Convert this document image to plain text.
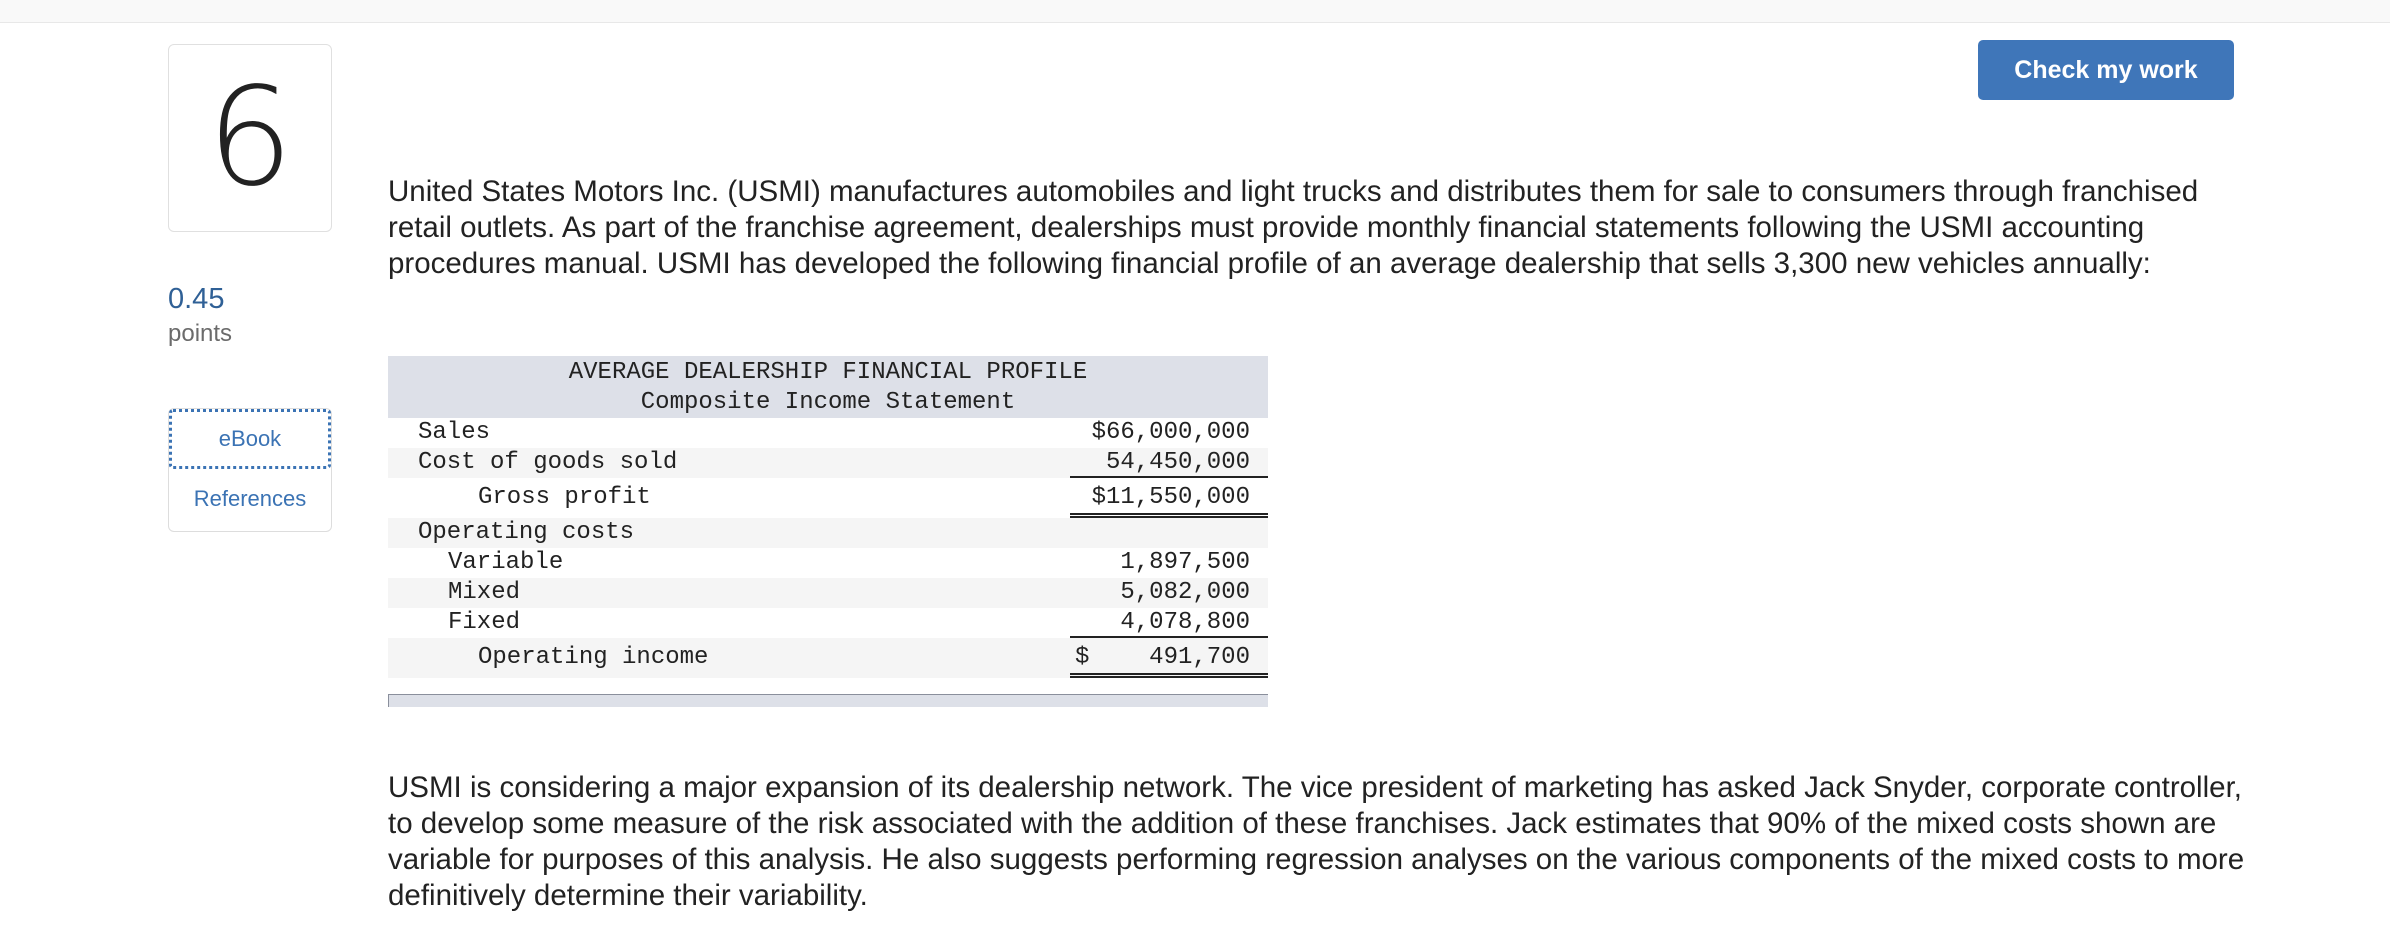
6
0.45
points
eBook
References
Check my work

United States Motors Inc. (USMI) manufactures automobiles and light trucks and distributes them for sale to consumers through franchised retail outlets. As part of the franchise agreement, dealerships must provide monthly financial statements following the USMI accounting procedures manual. USMI has developed the following financial profile of an average dealership that sells 3,300 new vehicles annually:

AVERAGE DEALERSHIP FINANCIAL PROFILE
Composite Income Statement
Sales	$66,000,000
Cost of goods sold	54,450,000
Gross profit	$11,550,000
Operating costs
Variable	1,897,500
Mixed	5,082,000
Fixed	4,078,800
Operating income	$ 491,700

USMI is considering a major expansion of its dealership network. The vice president of marketing has asked Jack Snyder, corporate controller, to develop some measure of the risk associated with the addition of these franchises. Jack estimates that 90% of the mixed costs shown are variable for purposes of this analysis. He also suggests performing regression analyses on the various components of the mixed costs to more definitively determine their variability.
